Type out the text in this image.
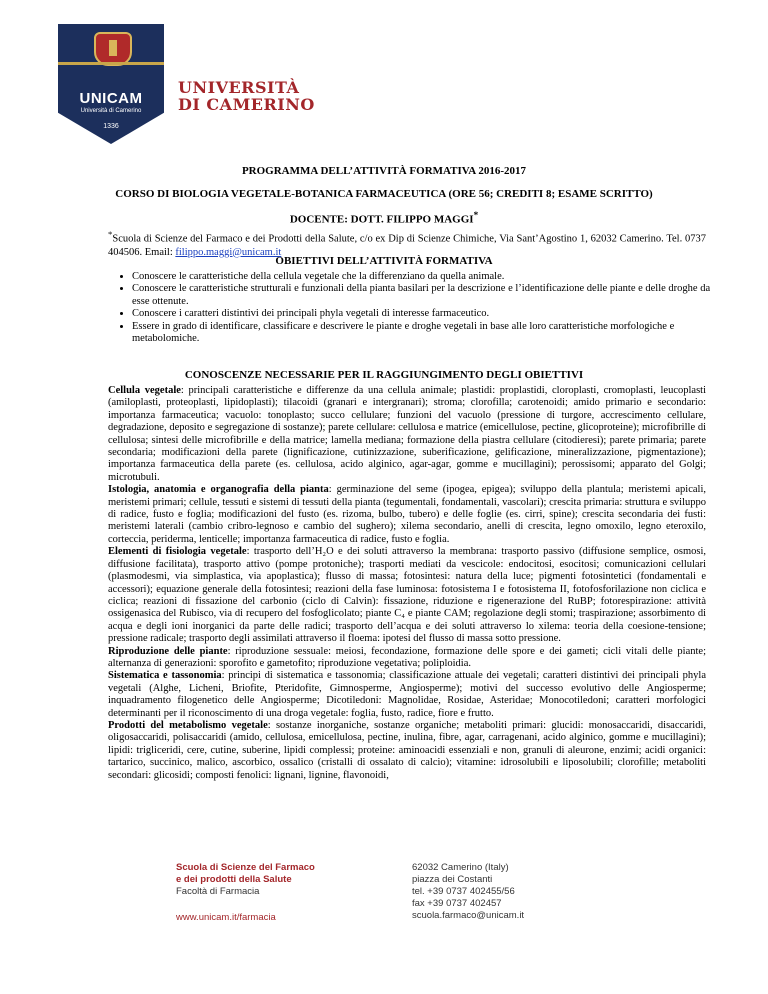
UNICAM
Università di Camerino
1336
UNIVERSITÀ
DI CAMERINO
PROGRAMMA DELL’ATTIVITÀ FORMATIVA 2016-2017
CORSO DI BIOLOGIA VEGETALE-BOTANICA FARMACEUTICA (ORE 56; CREDITI 8; ESAME SCRITTO)
DOCENTE: DOTT. FILIPPO MAGGI*
*Scuola di Scienze del Farmaco e dei Prodotti della Salute, c/o ex Dip di Scienze Chimiche, Via Sant’Agostino 1, 62032 Camerino. Tel. 0737 404506. Email: filippo.maggi@unicam.it
OBIETTIVI DELL’ATTIVITÀ FORMATIVA
• Conoscere le caratteristiche della cellula vegetale che la differenziano da quella animale.
• Conoscere le caratteristiche strutturali e funzionali della pianta basilari per la descrizione e l’identificazione delle piante e delle droghe da esse ottenute.
• Conoscere i caratteri distintivi dei principali phyla vegetali di interesse farmaceutico.
• Essere in grado di identificare, classificare e descrivere le piante e droghe vegetali in base alle loro caratteristiche morfologiche e metabolomiche.
CONOSCENZE NECESSARIE PER IL RAGGIUNGIMENTO DEGLI OBIETTIVI

Cellula vegetale: principali caratteristiche e differenze da una cellula animale; plastidi: proplastidi, cloroplasti, cromoplasti, leucoplasti (amiloplasti, proteoplasti, lipidoplasti); tilacoidi (granari e intergranari); stroma; clorofilla; carotenoidi; amido primario e secondario: importanza farmaceutica; vacuolo: tonoplasto; succo cellulare; funzioni del vacuolo (pressione di turgore, accrescimento cellulare, degradazione, deposito e segregazione di sostanze); parete cellulare: cellulosa e matrice (emicellulose, pectine, glicoproteine); microfibrille di cellulosa; sintesi delle microfibrille e della matrice; lamella mediana; formazione della piastra cellulare (citodieresi); parete primaria; parete secondaria; modificazioni della parete (lignificazione, cutinizzazione, suberificazione, gelificazione, mineralizzazione, pigmentazione); importanza farmaceutica della parete (es. cellulosa, acido alginico, agar-agar, gomme e mucillagini); perossisomi; apparato del Golgi; microtubuli.

Istologia, anatomia e organografia della pianta: germinazione del seme (ipogea, epigea); sviluppo della plantula; meristemi apicali, meristemi primari; cellule, tessuti e sistemi di tessuti della pianta (tegumentali, fondamentali, vascolari); crescita primaria: struttura e sviluppo di radice, fusto e foglia; modificazioni del fusto (es. rizoma, bulbo, tubero) e delle foglie (es. cirri, spine); crescita secondaria dei fusti: meristemi laterali (cambio cribro-legnoso e cambio del sughero); xilema secondario, anelli di crescita, legno omoxilo, legno eteroxilo, corteccia, periderma, lenticelle; importanza farmaceutica di radice, fusto e foglia.

Elementi di fisiologia vegetale: trasporto dell’H₂O e dei soluti attraverso la membrana: trasporto passivo (diffusione semplice, osmosi, diffusione facilitata), trasporto attivo (pompe protoniche); trasporti mediati da vescicole: endocitosi, esocitosi; comunicazioni cellulari (plasmodesmi, via simplastica, via apoplastica); flusso di massa; fotosintesi: natura della luce; pigmenti fotosintetici (fondamentali e accessori); equazione generale della fotosintesi; reazioni della fase luminosa: fotosistema I e fotosistema II, fotofosforilazione non ciclica e ciclica; reazioni di fissazione del carbonio (ciclo di Calvin): fissazione, riduzione e rigenerazione del RuBP; fotorespirazione: attività ossigenasica del Rubisco, via di recupero del fosfoglicolato; piante C₄ e piante CAM; regolazione degli stomi; traspirazione; assorbimento di acqua e degli ioni inorganici da parte delle radici; trasporto dell’acqua e dei soluti attraverso lo xilema: teoria della coesione-tensione; pressione radicale; trasporto degli assimilati attraverso il floema: ipotesi del flusso di massa sotto pressione.

Riproduzione delle piante: riproduzione sessuale: meiosi, fecondazione, formazione delle spore e dei gameti; cicli vitali delle piante; alternanza di generazioni: sporofito e gametofito; riproduzione vegetativa; poliploidia.

Sistematica e tassonomia: principi di sistematica e tassonomia; classificazione attuale dei vegetali; caratteri distintivi dei principali phyla vegetali (Alghe, Licheni, Briofite, Pteridofite, Gimnosperme, Angiosperme); motivi del successo evolutivo delle Angiosperme; inquadramento filogenetico delle Angiosperme; Dicotiledoni: Magnolidae, Rosidae, Asteridae; Monocotiledoni; caratteri morfologici determinanti per il riconoscimento di una droga vegetale: foglia, fusto, radice, fiore e frutto.

Prodotti del metabolismo vegetale: sostanze inorganiche, sostanze organiche; metaboliti primari: glucidi: monosaccaridi, disaccaridi, oligosaccaridi, polisaccaridi (amido, cellulosa, emicellulosa, pectine, inulina, fibre, agar, carragenani, acido alginico, gomme e mucillagini); lipidi: trigliceridi, cere, cutine, suberine, lipidi complessi; proteine: aminoacidi essenziali e non, granuli di aleurone, enzimi; acidi organici: tartarico, succinico, malico, ascorbico, ossalico (cristalli di ossalato di calcio); vitamine: idrosolubili e liposolubili; clorofille; metaboliti secondari: glicosidi; composti fenolici: lignani, lignine, flavonoidi,

Scuola di Scienze del Farmaco
e dei prodotti della Salute
Facoltà di Farmacia
www.unicam.it/farmacia
62032 Camerino (Italy)
piazza dei Costanti
tel. +39 0737 402455/56
fax +39 0737 402457
scuola.farmaco@unicam.it
